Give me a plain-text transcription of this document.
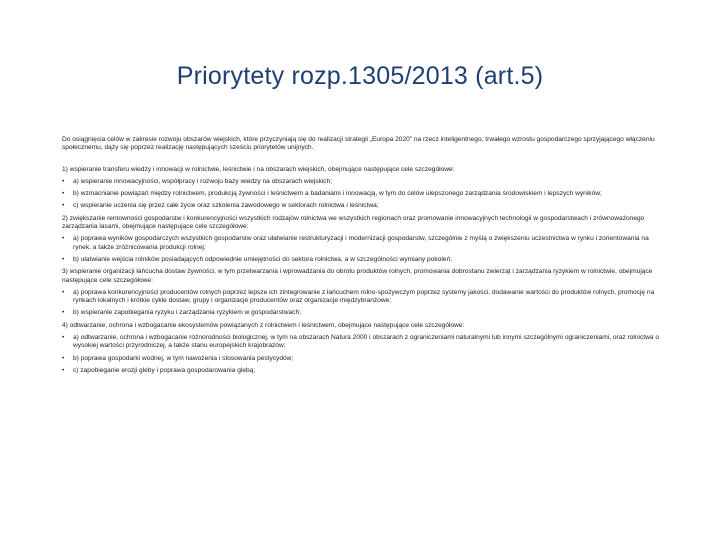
Priorytety rozp.1305/2013 (art.5)

Do osiągnięcia celów w zakresie rozwoju obszarów wiejskich, które przyczyniają się do realizacji strategii „Europa 2020” na rzecz inteligentnego, trwałego wzrostu gospodarczego sprzyjającego włączeniu społecznemu, dąży się poprzez realizację następujących sześciu priorytetów unijnych.

1) wspieranie transferu wiedzy i innowacji w rolnictwie, leśnictwie i na obszarach wiejskich, obejmujące następujące cele szczegółowe:

•	a) wspieranie innowacyjności, współpracy i rozwoju bazy wiedzy na obszarach wiejskich;
•	b) wzmacnianie powiązań między rolnictwem, produkcją żywności i leśnictwem a badaniami i innowacją, w tym do celów ulepszonego zarządzania środowiskiem i lepszych wyników;
•	c) wspieranie uczenia się przez całe życie oraz szkolenia zawodowego w sektorach rolnictwa i leśnictwa;

2) zwiększanie rentowności gospodarstw i konkurencyjności wszystkich rodzajów rolnictwa we wszystkich regionach oraz promowanie innowacyjnych technologii w gospodarstwach i zrównoważonego zarządzania lasami, obejmujące następujące cele szczegółowe:

•	a) poprawa wyników gospodarczych wszystkich gospodarstw oraz ułatwianie restrukturyzacji i modernizacji gospodarstw, szczególnie z myślą o zwiększeniu uczestnictwa w rynku i zorientowania na rynek, a także zróżnicowania produkcji rolnej;
•	b) ułatwianie wejścia rolników posiadających odpowiednie umiejętności do sektora rolnictwa, a w szczególności wymiany pokoleń;

3) wspieranie organizacji łańcucha dostaw żywności, w tym przetwarzania i wprowadzania do obrotu produktów rolnych, promowania dobrostanu zwierząt i zarządzania ryzykiem w rolnictwie, obejmujące następujące cele szczegółowe:

•	a) poprawa konkurencyjności producentów rolnych poprzez lepsze ich zintegrowanie z łańcuchem rolno-spożywczym poprzez systemy jakości, dodawanie wartości do produktów rolnych, promocję na rynkach lokalnych i krótkie cykle dostaw, grupy i organizacje producentów oraz organizacje międzybranżowe;
•	b) wspieranie zapobiegania ryzyku i zarządzania ryzykiem w gospodarstwach;

4) odtwarzanie, ochrona i wzbogacanie ekosystemów powiązanych z rolnictwem i leśnictwem, obejmujące następujące cele szczegółowe:

•	a) odtwarzanie, ochrona i wzbogacanie różnorodności biologicznej, w tym na obszarach Natura 2000 i obszarach z ograniczeniami naturalnymi lub innymi szczególnymi ograniczeniami, oraz rolnictwa o wysokiej wartości przyrodniczej, a także stanu europejskich krajobrazów;
•	b) poprawa gospodarki wodnej, w tym nawożenia i stosowania pestycydów;
•	c) zapobieganie erozji gleby i poprawa gospodarowania glebą;
